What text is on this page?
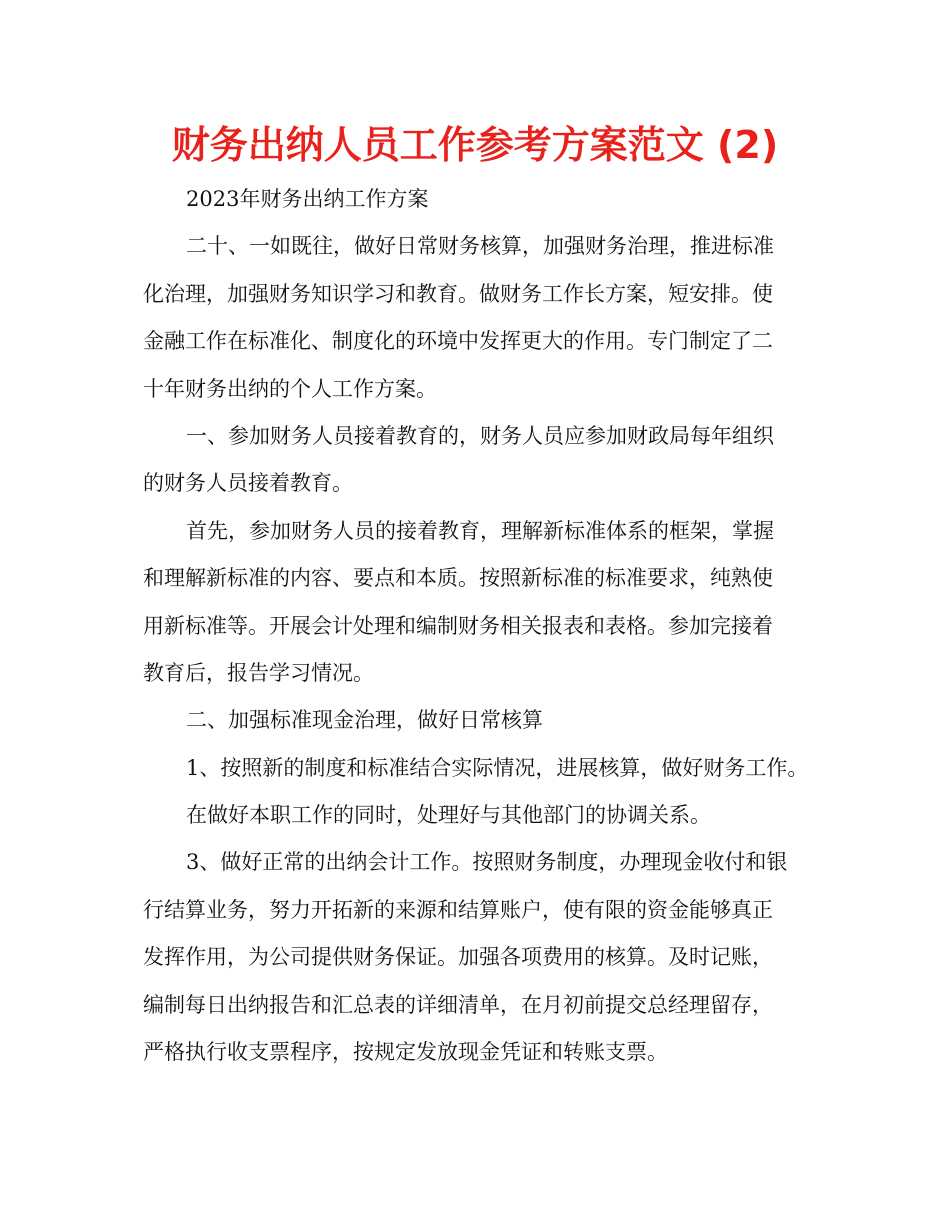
财务出纳人员工作参考方案范文 (2)
2023年财务出纳工作方案
二十、一如既往，做好日常财务核算，加强财务治理，推进标准
化治理，加强财务知识学习和教育。做财务工作长方案，短安排。使
金融工作在标准化、制度化的环境中发挥更大的作用。专门制定了二
十年财务出纳的个人工作方案。
一、参加财务人员接着教育的，财务人员应参加财政局每年组织
的财务人员接着教育。
首先，参加财务人员的接着教育，理解新标准体系的框架，掌握
和理解新标准的内容、要点和本质。按照新标准的标准要求，纯熟使
用新标准等。开展会计处理和编制财务相关报表和表格。参加完接着
教育后，报告学习情况。
二、加强标准现金治理，做好日常核算
1、按照新的制度和标准结合实际情况，进展核算，做好财务工作。
在做好本职工作的同时，处理好与其他部门的协调关系。
3、做好正常的出纳会计工作。按照财务制度，办理现金收付和银
行结算业务，努力开拓新的来源和结算账户，使有限的资金能够真正
发挥作用，为公司提供财务保证。加强各项费用的核算。及时记账，
编制每日出纳报告和汇总表的详细清单，在月初前提交总经理留存，
严格执行收支票程序，按规定发放现金凭证和转账支票。
